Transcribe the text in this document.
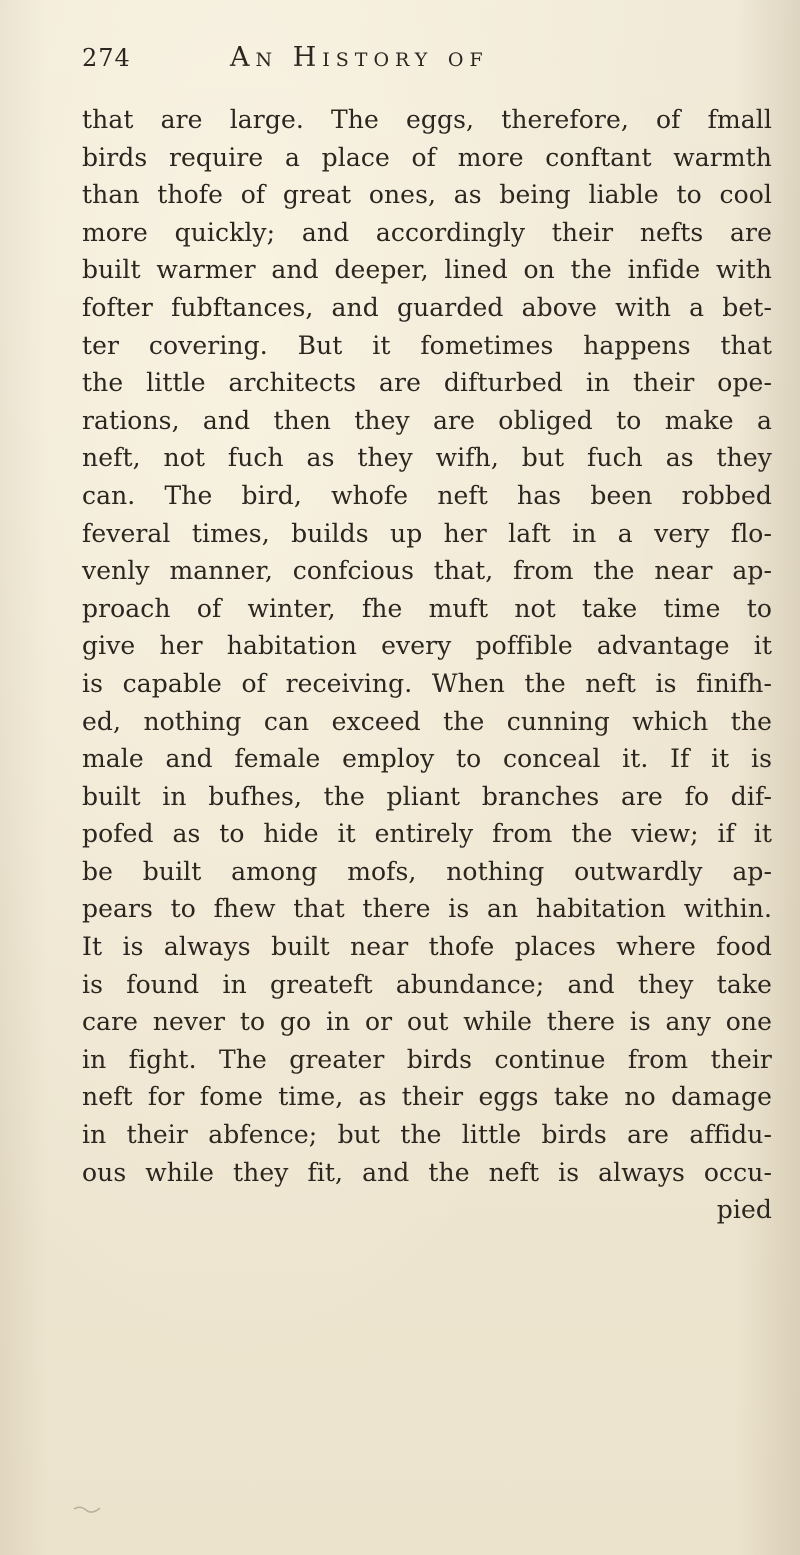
274	An History of
that are large. The eggs, therefore, of fmall
birds require a place of more conftant warmth
than thofe of great ones, as being liable to cool
more quickly; and accordingly their nefts are
built warmer and deeper, lined on the infide with
fofter fubftances, and guarded above with a bet-
ter covering. But it fometimes happens that
the little architects are difturbed in their ope-
rations, and then they are obliged to make a
neft, not fuch as they wifh, but fuch as they
can. The bird, whofe neft has been robbed
feveral times, builds up her laft in a very flo-
venly manner, confcious that, from the near ap-
proach of winter, fhe muft not take time to
give her habitation every poffible advantage it
is capable of receiving. When the neft is finifh-
ed, nothing can exceed the cunning which the
male and female employ to conceal it. If it is
built in bufhes, the pliant branches are fo dif-
pofed as to hide it entirely from the view; if it
be built among mofs, nothing outwardly ap-
pears to fhew that there is an habitation within.
It is always built near thofe places where food
is found in greateft abundance; and they take
care never to go in or out while there is any one
in fight. The greater birds continue from their
neft for fome time, as their eggs take no damage
in their abfence; but the little birds are affidu-
ous while they fit, and the neft is always occu-
pied
